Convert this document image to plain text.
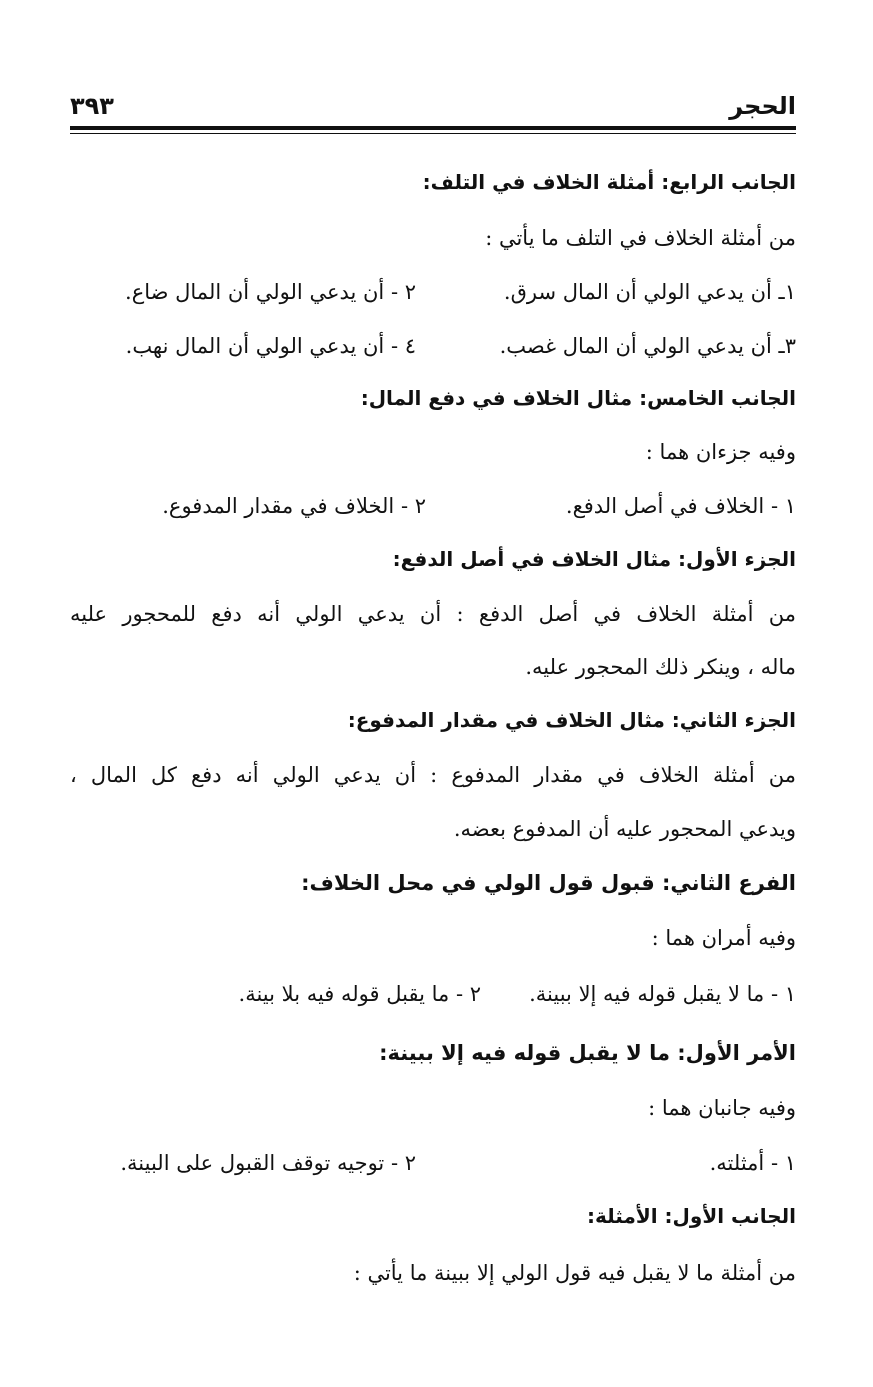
الحجر
٣٩٣
الجانب الرابع: أمثلة الخلاف في التلف:
من أمثلة الخلاف في التلف ما يأتي :
١ـ أن يدعي الولي أن المال سرق.
٢ - أن يدعي الولي أن المال ضاع.
٣ـ أن يدعي الولي أن المال غصب.
٤ - أن يدعي الولي أن المال نهب.
الجانب الخامس: مثال الخلاف في دفع المال:
وفيه جزءان هما :
١ - الخلاف في أصل الدفع.
٢ - الخلاف في مقدار المدفوع.
الجزء الأول: مثال الخلاف في أصل الدفع:
من أمثلة الخلاف في أصل الدفع : أن يدعي الولي أنه دفع للمحجور عليه
ماله ، وينكر ذلك المحجور عليه.
الجزء الثاني: مثال الخلاف في مقدار المدفوع:
من أمثلة الخلاف في مقدار المدفوع : أن يدعي الولي أنه دفع كل المال ،
ويدعي المحجور عليه أن المدفوع بعضه.
الفرع الثاني: قبول قول الولي في محل الخلاف:
وفيه أمران هما :
١ - ما لا يقبل قوله فيه إلا ببينة.
٢ - ما يقبل قوله فيه بلا بينة.
الأمر الأول: ما لا يقبل قوله فيه إلا ببينة:
وفيه جانبان هما :
١ - أمثلته.
٢ - توجيه توقف القبول على البينة.
الجانب الأول: الأمثلة:
من أمثلة ما لا يقبل فيه قول الولي إلا ببينة ما يأتي :
